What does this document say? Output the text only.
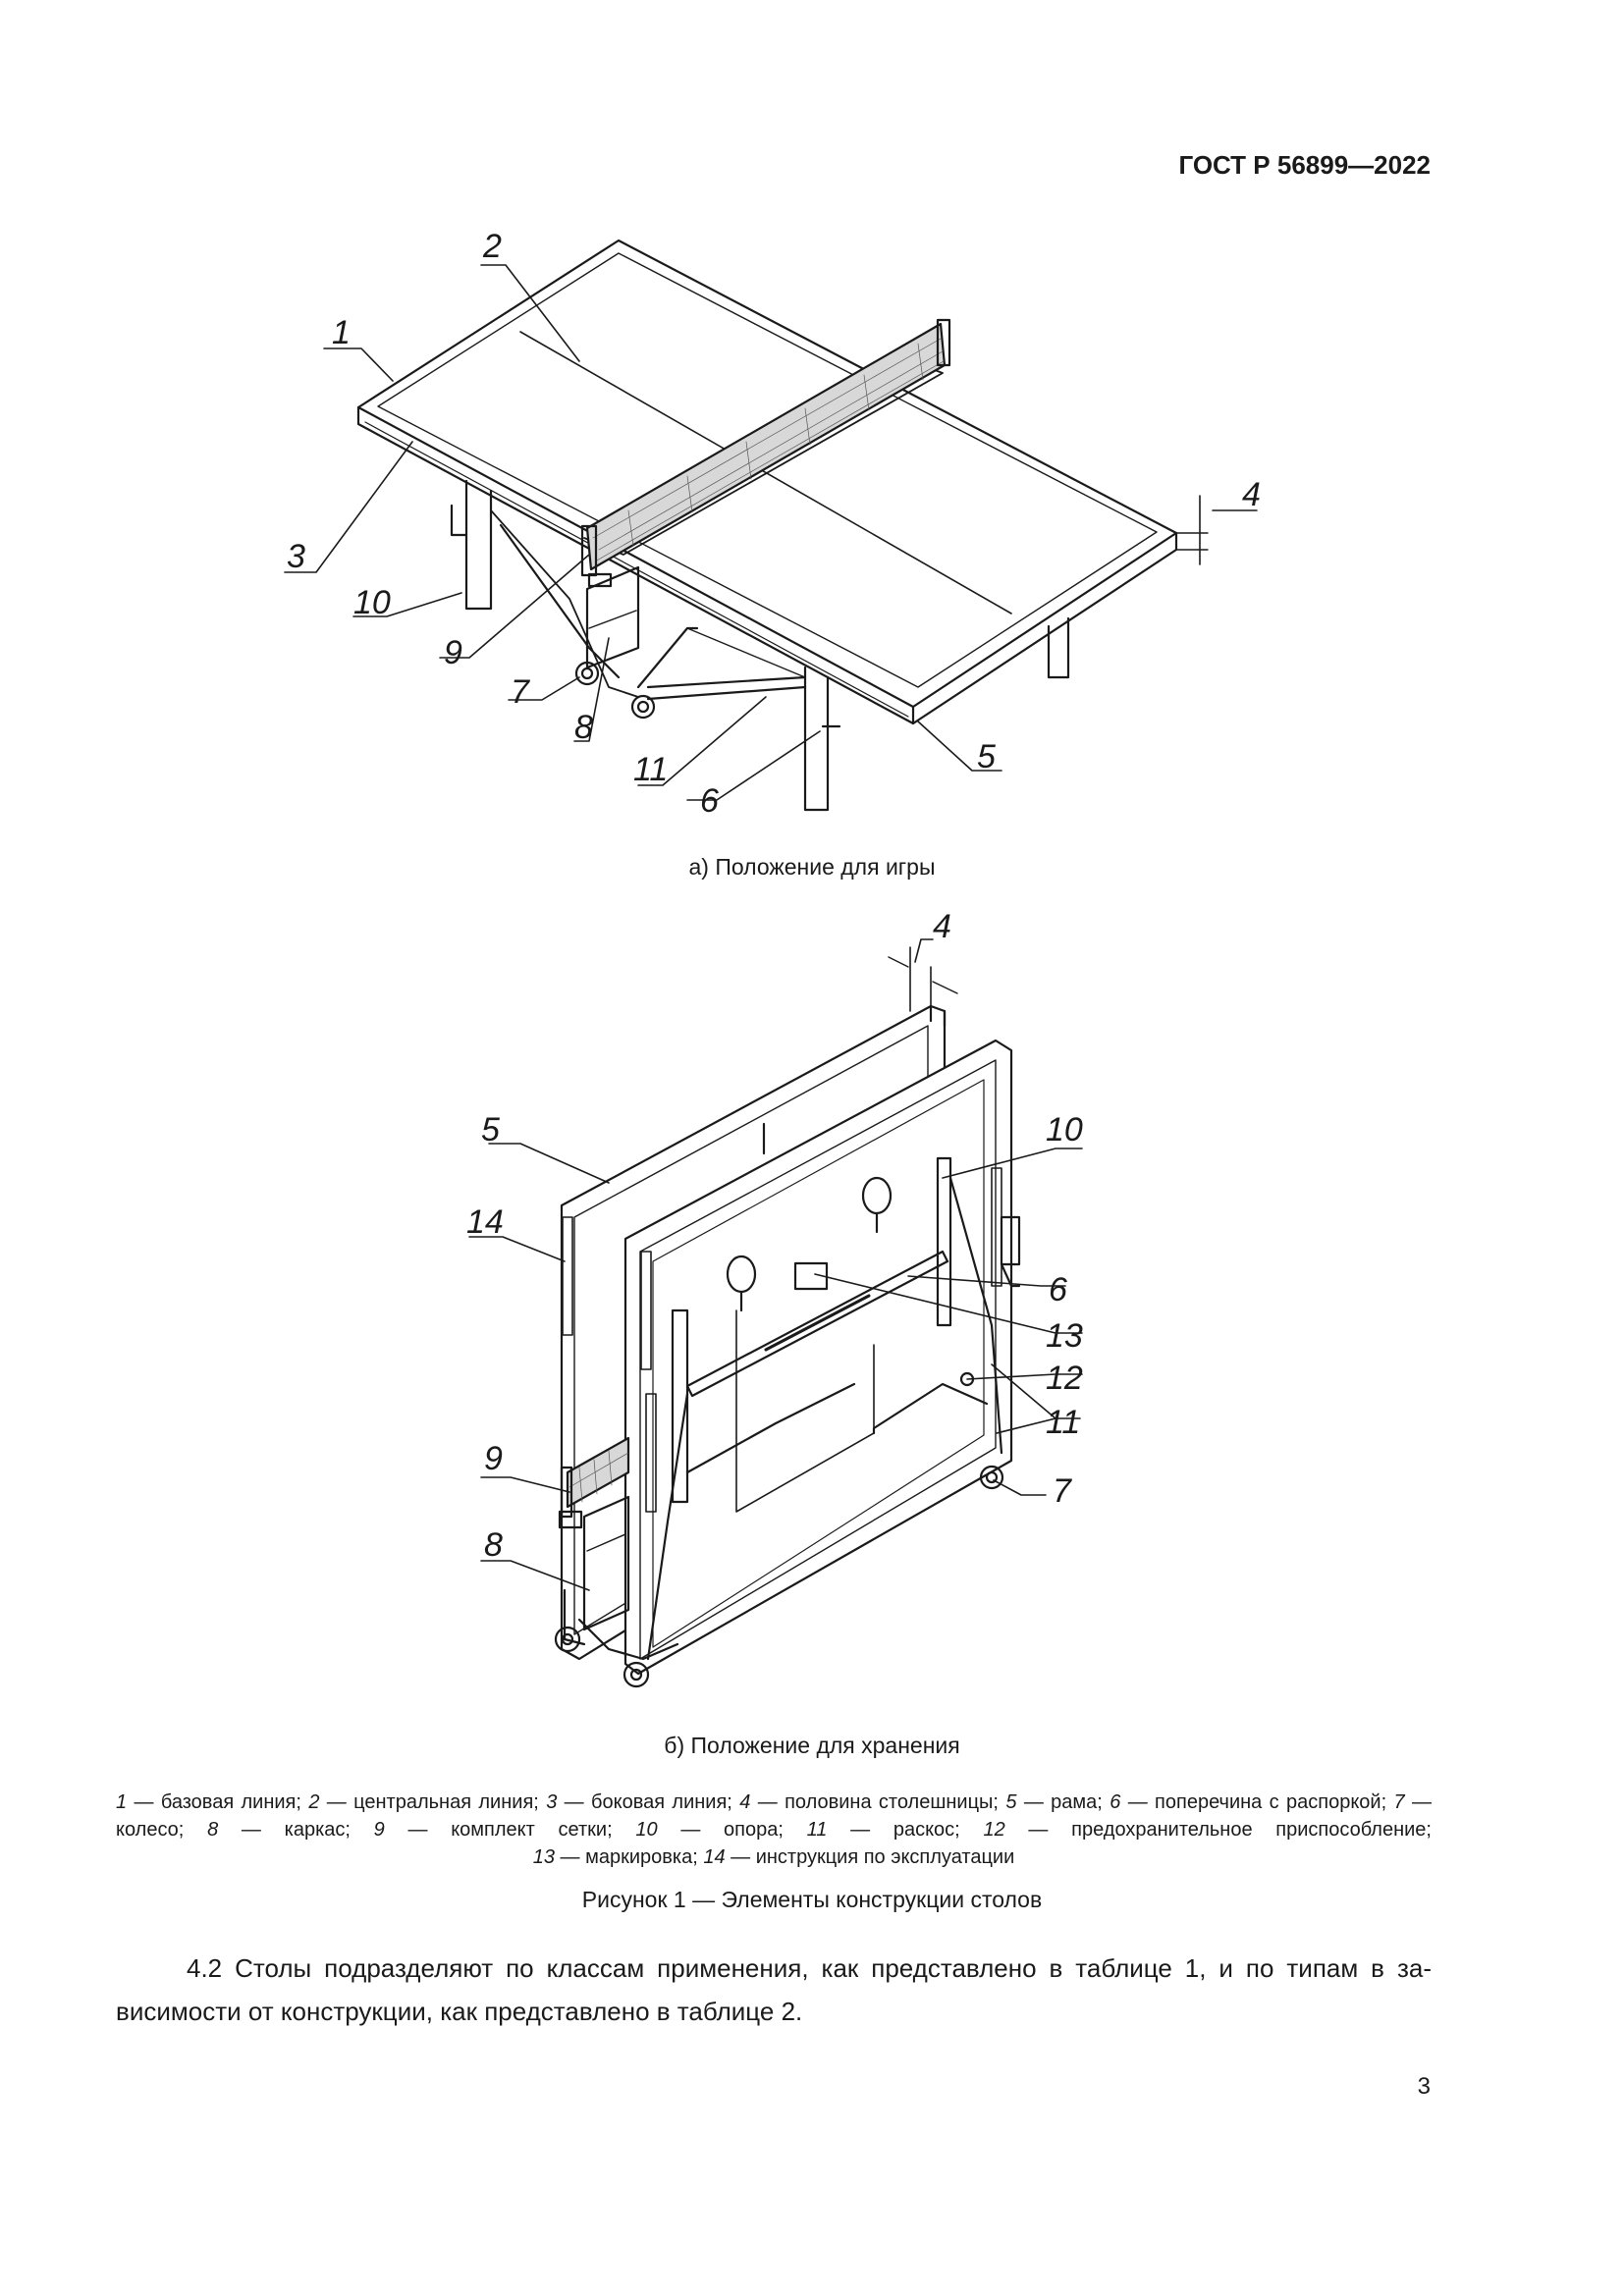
ГОСТ Р 56899—2022
1
2
3
4
5
6
7
8
9
10
11
4
5
14
10
6
13
12
11
9
7
8
а) Положение для игры
б) Положение для хранения
1 — базовая линия; 2 — центральная линия; 3 — боковая линия; 4 — половина столешницы; 5 — рама; 6 — поперечина с распоркой; 7 — колесо; 8 — каркас; 9 — комплект сетки; 10 — опора; 11 — раскос; 12 — предохранительное приспособление;
13 — маркировка; 14 — инструкция по эксплуатации
Рисунок 1 — Элементы конструкции столов
4.2 Столы подразделяют по классам применения, как представлено в таблице 1, и по типам в за-
висимости от конструкции, как представлено в таблице 2.
3
